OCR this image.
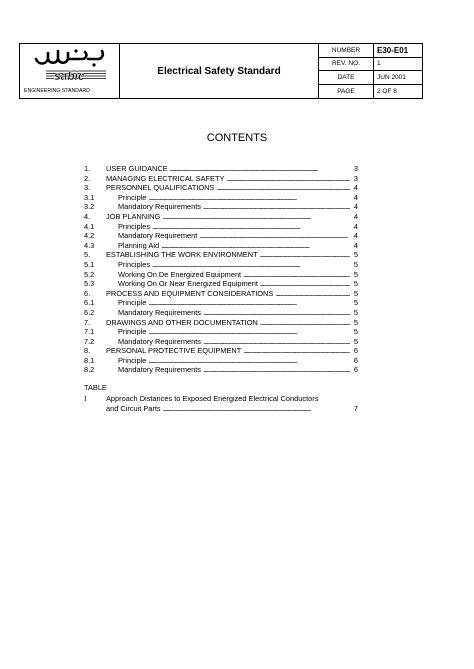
sabic
ENGINEERING STANDARD
Electrical Safety Standard
NUMBER	E30-E01
REV. NO.	1
DATE	JUN 2001
PAGE	2 OF 8
CONTENTS
1. USER GUIDANCE . . .	3
2. MANAGING ELECTRICAL SAFETY . . .	3
3. PERSONNEL QUALIFICATIONS . . .	4
3.1	Principle . . .	4
3.2	Mandatory Requirements . . .	4
4. JOB PLANNING . . .	4
4.1	Principles . . .	4
4.2	Mandatory Requirement . . .	4
4.3	Planning Aid . . .	4
5. ESTABLISHING THE WORK ENVIRONMENT . . .	5
5.1	Principles . . .	5
5.2	Working On De Energized Equipment . . .	5
5.3	Working On Or Near Energized Equipment . . .	5
6. PROCESS AND EQUIPMENT CONSIDERATIONS . . .	5
6.1	Principle . . .	5
6.2	Mandatory Requirements . . .	5
7. DRAWINGS AND OTHER DOCUMENTATION . . .	5
7.1	Principle . . .	5
7.2	Mandatory Requirements . . .	5
8. PERSONAL PROTECTIVE EQUIPMENT . . .	6
8.1	Principle . . .	6
8.2	Mandatory Requirements . . .	6
TABLE
I	Approach Distances to Exposed Energized Electrical Conductors
and Circuit Parts . . .	7
